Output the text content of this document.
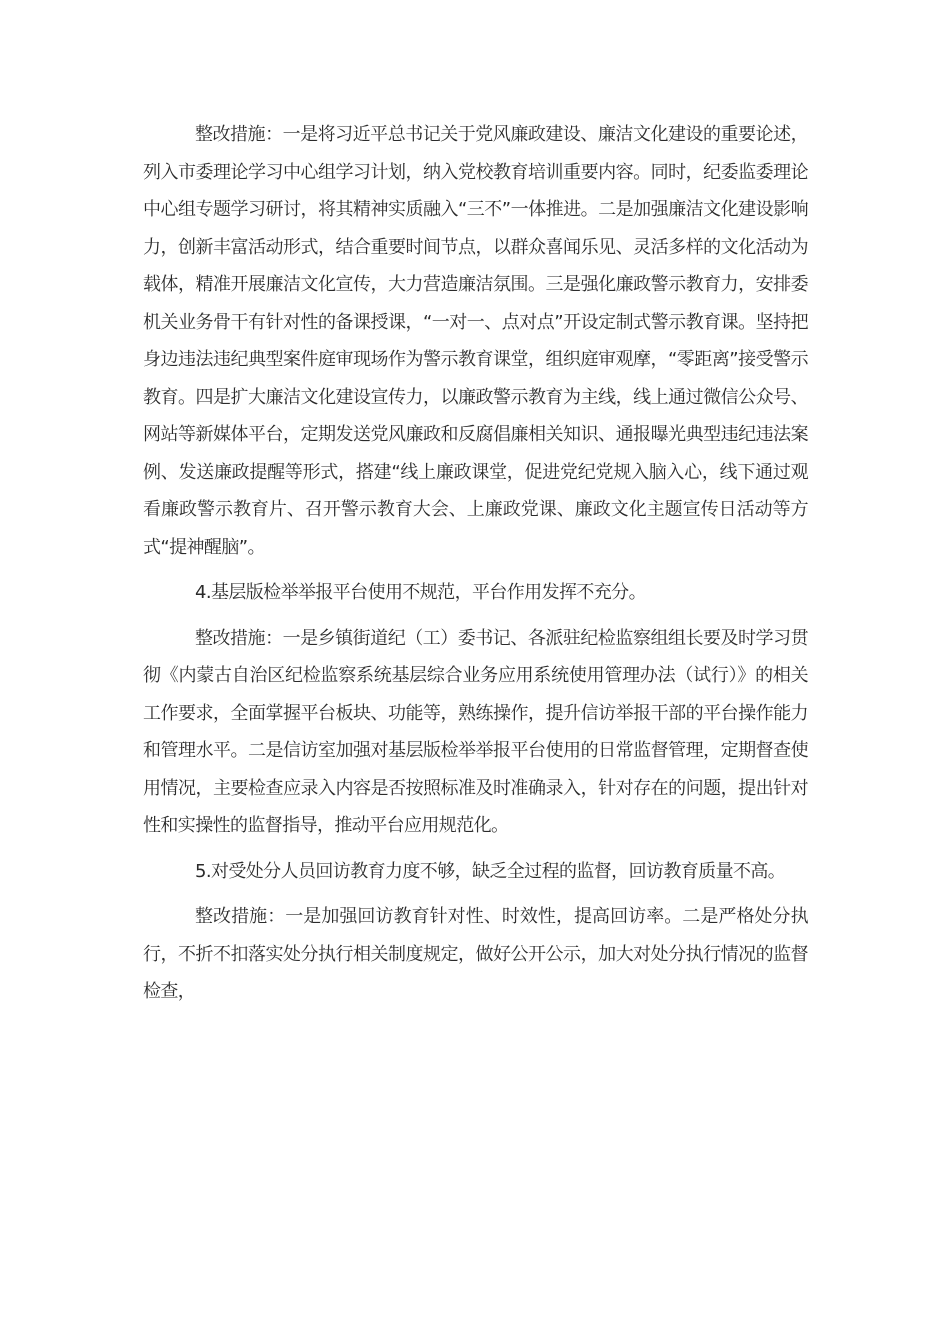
整改措施：一是将习近平总书记关于党风廉政建设、廉洁文化建设的重要论述，列入市委理论学习中心组学习计划，纳入党校教育培训重要内容。同时，纪委监委理论中心组专题学习研讨，将其精神实质融入“三不”一体推进。二是加强廉洁文化建设影响力，创新丰富活动形式，结合重要时间节点，以群众喜闻乐见、灵活多样的文化活动为载体，精准开展廉洁文化宣传，大力营造廉洁氛围。三是强化廉政警示教育力，安排委机关业务骨干有针对性的备课授课，“一对一、点对点”开设定制式警示教育课。坚持把身边违法违纪典型案件庭审现场作为警示教育课堂，组织庭审观摩，“零距离”接受警示教育。四是扩大廉洁文化建设宣传力，以廉政警示教育为主线，线上通过微信公众号、网站等新媒体平台，定期发送党风廉政和反腐倡廉相关知识、通报曝光典型违纪违法案例、发送廉政提醒等形式，搭建“线上廉政课堂，促进党纪党规入脑入心，线下通过观看廉政警示教育片、召开警示教育大会、上廉政党课、廉政文化主题宣传日活动等方式“提神醒脑”。

4.基层版检举举报平台使用不规范，平台作用发挥不充分。

整改措施：一是乡镇街道纪（工）委书记、各派驻纪检监察组组长要及时学习贯彻《内蒙古自治区纪检监察系统基层综合业务应用系统使用管理办法（试行）》的相关工作要求，全面掌握平台板块、功能等，熟练操作，提升信访举报干部的平台操作能力和管理水平。二是信访室加强对基层版检举举报平台使用的日常监督管理，定期督查使用情况，主要检查应录入内容是否按照标准及时准确录入，针对存在的问题，提出针对性和实操性的监督指导，推动平台应用规范化。

5.对受处分人员回访教育力度不够，缺乏全过程的监督，回访教育质量不高。

整改措施：一是加强回访教育针对性、时效性，提高回访率。二是严格处分执行，不折不扣落实处分执行相关制度规定，做好公开公示，加大对处分执行情况的监督检查，
